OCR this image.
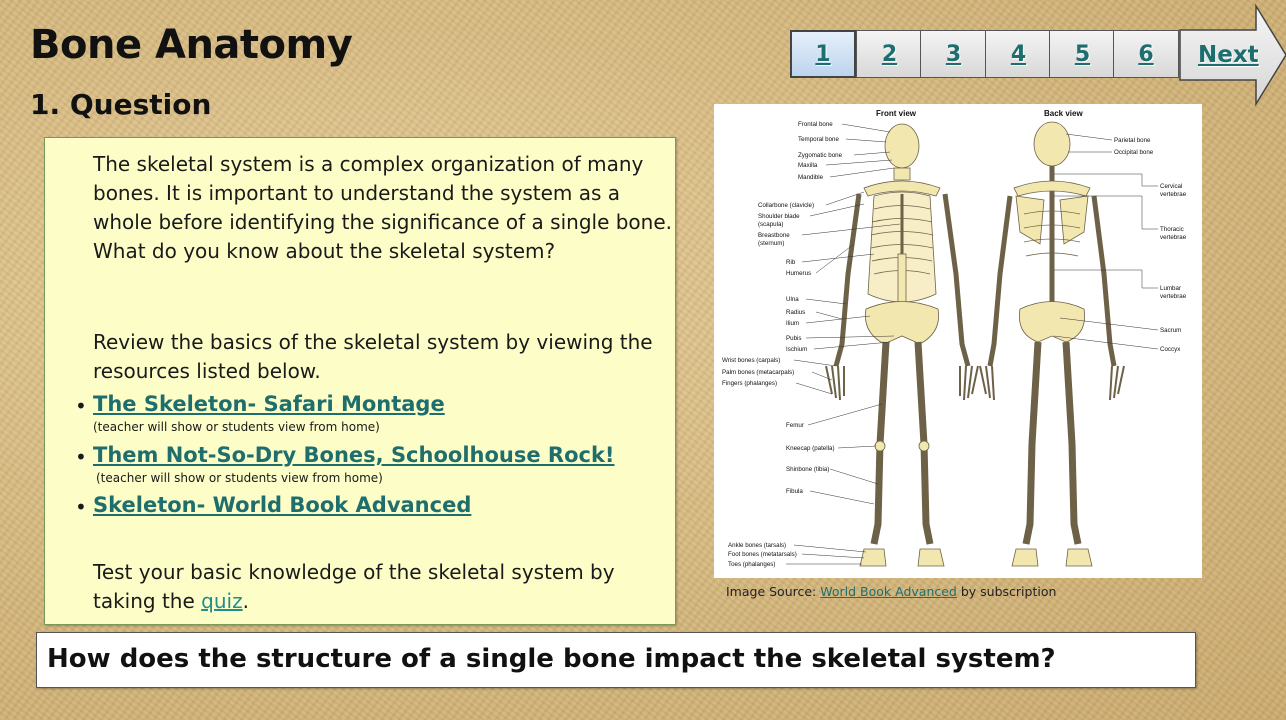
Bone Anatomy
1. Question
1 2 3 4 5 6 Next
The skeletal system is a complex organization of many bones. It is important to understand the system as a whole before identifying the significance of a single bone. What do you know about the skeletal system?
Review the basics of the skeletal system by viewing the resources listed below.
• The Skeleton- Safari Montage
(teacher will show or students view from home)
• Them Not-So-Dry Bones, Schoolhouse Rock!
(teacher will show or students view from home)
• Skeleton- World Book Advanced
Test your basic knowledge of the skeletal system by taking the quiz.
Front view	Back view
Frontal bone
Temporal bone
Zygomatic bone
Maxilla
Mandible
Collarbone (clavicle)
Shoulder blade
(scapula)
Breastbone
(sternum)
Rib
Humerus
Ulna
Radius
Ilium
Pubis
Ischium
Wrist bones (carpals)
Palm bones (metacarpals)
Fingers (phalanges)
Femur
Kneecap (patella)
Shinbone (tibia)
Fibula
Ankle bones (tarsals)
Foot bones (metatarsals)
Toes (phalanges)
Parietal bone
Occipital bone
Cervical
vertebrae
Thoracic
vertebrae
Lumbar
vertebrae
Sacrum
Coccyx
Image Source: World Book Advanced by subscription
How does the structure of a single bone impact the skeletal system?
